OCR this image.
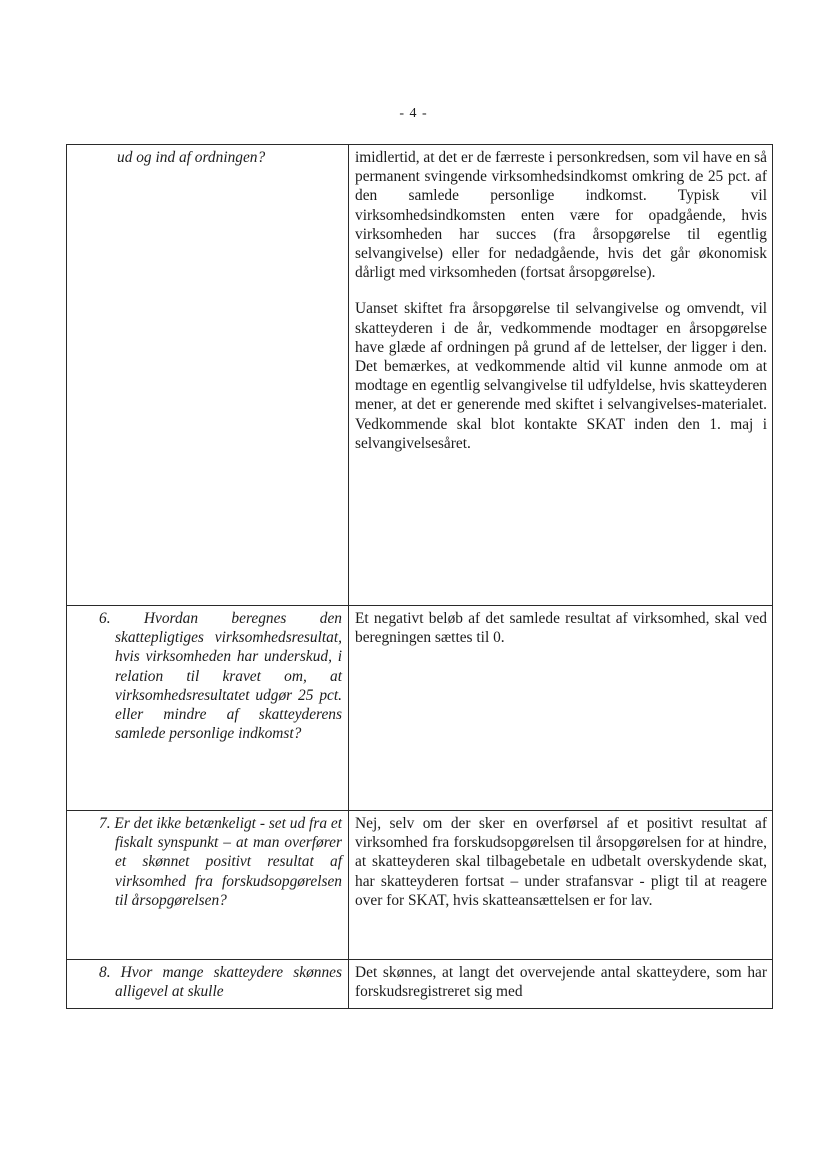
- 4 -
ud og ind af ordningen?	imidlertid, at det er de færreste i personkredsen, som vil have en så permanent svingende virksomhedsindkomst omkring de 25 pct. af den samlede personlige indkomst. Typisk vil virksomhedsindkomsten enten være for opadgående, hvis virksomheden har succes (fra årsopgørelse til egentlig selvangivelse) eller for nedadgående, hvis det går økonomisk dårligt med virksomheden (fortsat årsopgørelse).

Uanset skiftet fra årsopgørelse til selvangivelse og omvendt, vil skatteyderen i de år, vedkommende modtager en årsopgørelse have glæde af ordningen på grund af de lettelser, der ligger i den. Det bemærkes, at vedkommende altid vil kunne anmode om at modtage en egentlig selvangivelse til udfyldelse, hvis skatteyderen mener, at det er generende med skiftet i selvangivelses-materialet. Vedkommende skal blot kontakte SKAT inden den 1. maj i selvangivelsesåret.

6. Hvordan beregnes den skattepligtiges virksomhedsresultat, hvis virksomheden har underskud, i relation til kravet om, at virksomhedsresultatet udgør 25 pct. eller mindre af skatteyderens samlede personlige indkomst?	Et negativt beløb af det samlede resultat af virksomhed, skal ved beregningen sættes til 0.

7. Er det ikke betænkeligt - set ud fra et fiskalt synspunkt – at man overfører et skønnet positivt resultat af virksomhed fra forskudsopgørelsen til årsopgørelsen?	Nej, selv om der sker en overførsel af et positivt resultat af virksomhed fra forskudsopgørelsen til årsopgørelsen for at hindre, at skatteyderen skal tilbagebetale en udbetalt overskydende skat, har skatteyderen fortsat – under strafansvar - pligt til at reagere over for SKAT, hvis skatteansættelsen er for lav.

8. Hvor mange skatteydere skønnes alligevel at skulle	Det skønnes, at langt det overvejende antal skatteydere, som har forskudsregistreret sig med
